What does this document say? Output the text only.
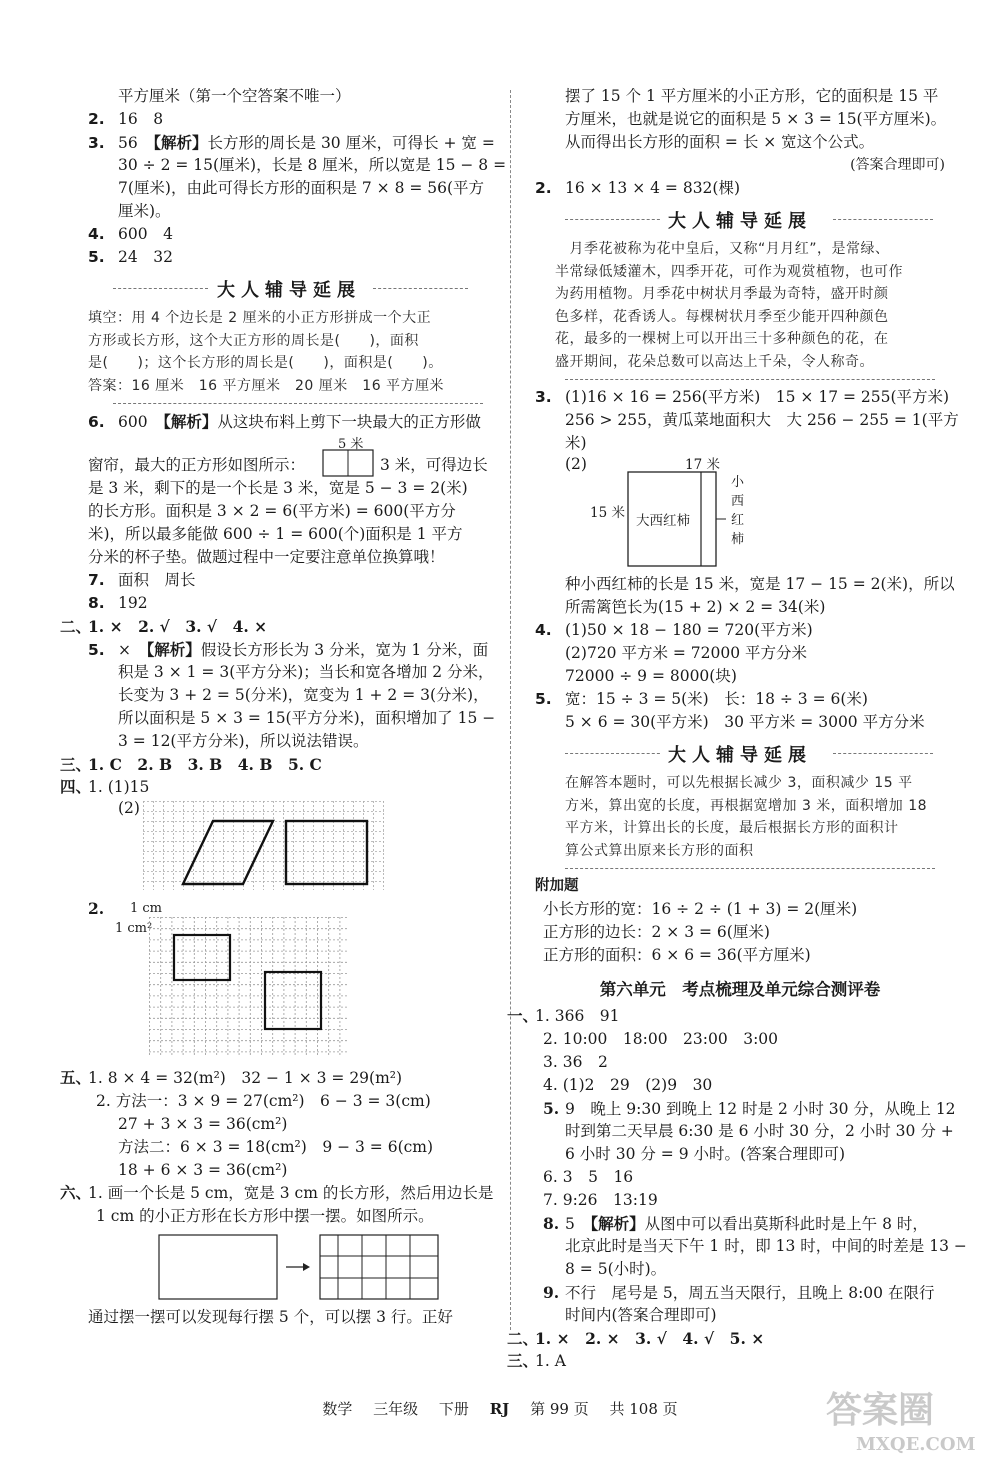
平方厘米（第一个空答案不唯一）
2. 16　8
3. 56　 【解析】长方形的周长是 30 厘米，可得长 + 宽 =
30 ÷ 2 = 15(厘米)，长是 8 厘米，所以宽是 15 − 8 =
7(厘米)，由此可得长方形的面积是 7 × 8 = 56(平方
厘米)。
4. 600　4
5. 24　32
大人辅导延展
填空：用 4 个边长是 2 厘米的小正方形拼成一个大正
方形或长方形，这个大正方形的周长是(　　)，面积
是(　　)；这个长方形的周长是(　　)，面积是(　　)。
答案：16 厘米　16 平方厘米　20 厘米　16 平方厘米
6. 600　 【解析】从这块布料上剪下一块最大的正方形做
5 米
窗帘，最大的正方形如图所示：	3 米，可得边长
是 3 米，剩下的是一个长是 3 米，宽是 5 − 3 = 2(米)
的长方形。面积是 3 × 2 = 6(平方米) = 600(平方分
米)，所以最多能做 600 ÷ 1 = 600(个)面积是 1 平方
分米的杯子垫。做题过程中一定要注意单位换算哦！
7. 面积　周长
8. 192
二、1. ×　2. √　3. √　4. ×
5. ×　 【解析】假设长方形长为 3 分米，宽为 1 分米，面
积是 3 × 1 = 3(平方分米)；当长和宽各增加 2 分米，
长变为 3 + 2 = 5(分米)，宽变为 1 + 2 = 3(分米)，
所以面积是 5 × 3 = 15(平方分米)，面积增加了 15 −
3 = 12(平方分米)，所以说法错误。
三、1. C　2. B　3. B　4. B　5. C
四、1. (1)15
(2)
2. 1 cm
1 cm²
五、1. 8 × 4 = 32(m²)　32 − 1 × 3 = 29(m²)
2. 方法一：3 × 9 = 27(cm²)　6 − 3 = 3(cm)
27 + 3 × 3 = 36(cm²)
方法二：6 × 3 = 18(cm²)　9 − 3 = 6(cm)
18 + 6 × 3 = 36(cm²)
六、1. 画一个长是 5 cm，宽是 3 cm 的长方形，然后用边长是
1 cm 的小正方形在长方形中摆一摆。如图所示。
通过摆一摆可以发现每行摆 5 个，可以摆 3 行。正好
摆了 15 个 1 平方厘米的小正方形，它的面积是 15 平
方厘米，也就是说它的面积是 5 × 3 = 15(平方厘米)。
从而得出长方形的面积 = 长 × 宽这个公式。
(答案合理即可)
2. 16 × 13 × 4 = 832(棵)
大人辅导延展
　月季花被称为花中皇后，又称“月月红”，是常绿、
半常绿低矮灌木，四季开花，可作为观赏植物，也可作
为药用植物。月季花中树状月季最为奇特，盛开时颜
色多样，花香诱人。每棵树状月季至少能开四种颜色
花，最多的一棵树上可以开出三十多种颜色的花，在
盛开期间，花朵总数可以高达上千朵，令人称奇。
3. (1)16 × 16 = 256(平方米)　15 × 17 = 255(平方米)
256 > 255，黄瓜菜地面积大　大 256 − 255 = 1(平方
米)
(2)	17 米
15 米 大西红柿
小西红柿
种小西红柿的长是 15 米，宽是 17 − 15 = 2(米)，所以
所需篱笆长为(15 + 2) × 2 = 34(米)
4. (1)50 × 18 − 180 = 720(平方米)
(2)720 平方米 = 72000 平方分米
72000 ÷ 9 = 8000(块)
5. 宽：15 ÷ 3 = 5(米)　长：18 ÷ 3 = 6(米)
5 × 6 = 30(平方米)　30 平方米 = 3000 平方分米
大人辅导延展
在解答本题时，可以先根据长减少 3，面积减少 15 平
方米，算出宽的长度，再根据宽增加 3 米，面积增加 18
平方米，计算出长的长度，最后根据长方形的面积计
算公式算出原来长方形的面积
附加题
小长方形的宽：16 ÷ 2 ÷ (1 + 3) = 2(厘米)
正方形的边长：2 × 3 = 6(厘米)
正方形的面积：6 × 6 = 36(平方厘米)
第六单元　考点梳理及单元综合测评卷
一、1. 366　91
2. 10:00　18:00　23:00　3:00
3. 36　2
4. (1)2　29　(2)9　30
5. 9　晚上 9:30 到晚上 12 时是 2 小时 30 分，从晚上 12
时到第二天早晨 6:30 是 6 小时 30 分，2 小时 30 分 +
6 小时 30 分 = 9 小时。(答案合理即可)
6. 3　5　16
7. 9:26　13:19
8. 5　 【解析】从图中可以看出莫斯科此时是上午 8 时，
北京此时是当天下午 1 时，即 13 时，中间的时差是 13 −
8 = 5(小时)。
9. 不行　尾号是 5，周五当天限行，且晚上 8:00 在限行
时间内(答案合理即可)
二、1. ×　2. ×　3. √　4. √　5. ×
三、1. A
数学 三年级 下册 RJ 第 99 页 共 108 页	答案圈
MXQE.COM
